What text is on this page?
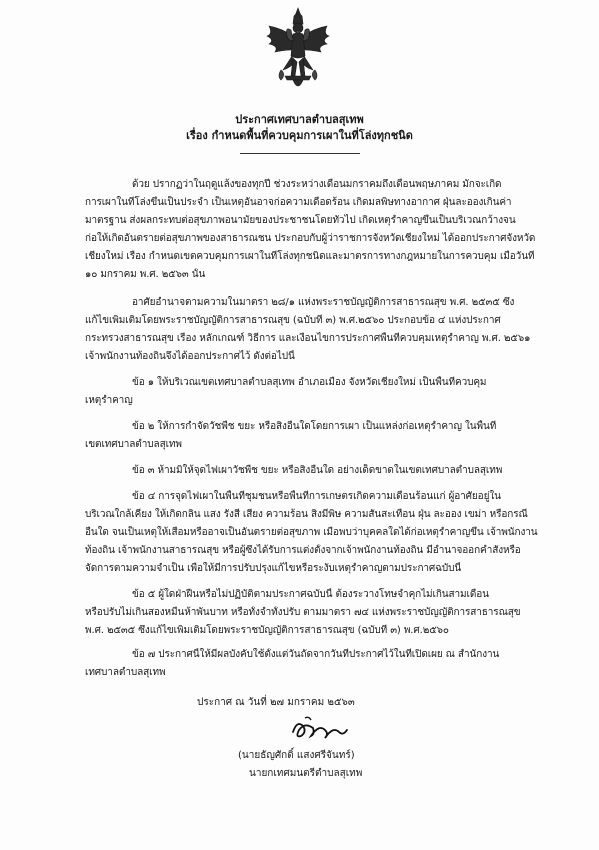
ประกาศเทศบาลตำบลสุเทพ
เรื่อง กำหนดพื้นที่ควบคุมการเผาในที่โล่งทุกชนิด
ด้วย ปรากฏว่าในฤดูแล้งของทุกปี ช่วงระหว่างเดือนมกราคมถึงเดือนพฤษภาคม มักจะเกิด
การเผาในที่โล่งขึ้นเป็นประจำ เป็นเหตุอันอาจก่อความเดือดร้อน เกิดมลพิษทางอากาศ ฝุ่นละอองเกินค่า
มาตรฐาน ส่งผลกระทบต่อสุขภาพอนามัยของประชาชนโดยทั่วไป เกิดเหตุรำคาญขึ้นเป็นบริเวณกว้างจน
ก่อให้เกิดอันตรายต่อสุขภาพของสาธารณชน ประกอบกับผู้ว่าราชการจังหวัดเชียงใหม่ ได้ออกประกาศจังหวัด
เชียงใหม่ เรื่อง กำหนดเขตควบคุมการเผาในที่โล่งทุกชนิดและมาตรการทางกฎหมายในการควบคุม เมื่อวันที่
๑๐ มกราคม พ.ศ. ๒๕๖๓ นั้น
อาศัยอำนาจตามความในมาตรา ๒๘/๑ แห่งพระราชบัญญัติการสาธารณสุข พ.ศ. ๒๕๓๕ ซึ่ง
แก้ไขเพิ่มเติมโดยพระราชบัญญัติการสาธารณสุข (ฉบับที่ ๓) พ.ศ.๒๕๖๐ ประกอบข้อ ๔ แห่งประกาศ
กระทรวงสาธารณสุข เรื่อง หลักเกณฑ์ วิธีการ และเงื่อนไขการประกาศพื้นที่ควบคุมเหตุรำคาญ พ.ศ. ๒๕๖๑
เจ้าพนักงานท้องถิ่นจึงได้ออกประกาศไว้ ดังต่อไปนี้
ข้อ ๑ ให้บริเวณเขตเทศบาลตำบลสุเทพ อำเภอเมือง จังหวัดเชียงใหม่ เป็นพื้นที่ควบคุม
เหตุรำคาญ
ข้อ ๒ ให้การกำจัดวัชพืช ขยะ หรือสิ่งอื่นใดโดยการเผา เป็นแหล่งก่อเหตุรำคาญ ในพื้นที่
เขตเทศบาลตำบลสุเทพ
ข้อ ๓ ห้ามมิให้จุดไฟเผาวัชพืช ขยะ หรือสิ่งอื่นใด อย่างเด็ดขาดในเขตเทศบาลตำบลสุเทพ
ข้อ ๔ การจุดไฟเผาในพื้นที่ชุมชนหรือพื้นที่การเกษตรเกิดความเดือนร้อนแก่ ผู้อาศัยอยู่ใน
บริเวณใกล้เคียง ให้เกิดกลิ่น แสง รังสี เสียง ความร้อน สิ่งมีพิษ ความสั่นสะเทือน ฝุ่น ละออง เขม่า หรือกรณี
อื่นใด จนเป็นเหตุให้เสื่อมหรืออาจเป็นอันตรายต่อสุขภาพ เมื่อพบว่าบุคคลใดได้ก่อเหตุรำคาญขึ้น เจ้าพนักงาน
ท้องถิ่น เจ้าพนักงานสาธารณสุข หรือผู้ซึ่งได้รับการแต่งตั้งจากเจ้าพนักงานท้องถิ่น มีอำนาจออกคำสั่งหรือ
จัดการตามความจำเป็น เพื่อให้มีการปรับปรุงแก้ไขหรือระงับเหตุรำคาญตามประกาศฉบับนี้
ข้อ ๕ ผู้ใดฝ่าฝืนหรือไม่ปฏิบัติตามประกาศฉบับนี้ ต้องระวางโทษจำคุกไม่เกินสามเดือน
หรือปรับไม่เกินสองหมื่นห้าพันบาท หรือทั้งจำทั้งปรับ ตามมาตรา ๗๔ แห่งพระราชบัญญัติการสาธารณสุข
พ.ศ. ๒๕๓๕ ซึ่งแก้ไขเพิ่มเติมโดยพระราชบัญญัติการสาธารณสุข (ฉบับที่ ๓) พ.ศ.๒๕๖๐
ข้อ ๗ ประกาศนี้ให้มีผลบังคับใช้ตั้งแต่วันถัดจากวันที่ประกาศไว้ในที่เปิดเผย ณ สำนักงาน
เทศบาลตำบลสุเทพ
ประกาศ ณ วันที่ ๒๗ มกราคม ๒๕๖๓
(นายธัญศักดิ์ แสงศรีจันทร์)
นายกเทศมนตรีตำบลสุเทพ
